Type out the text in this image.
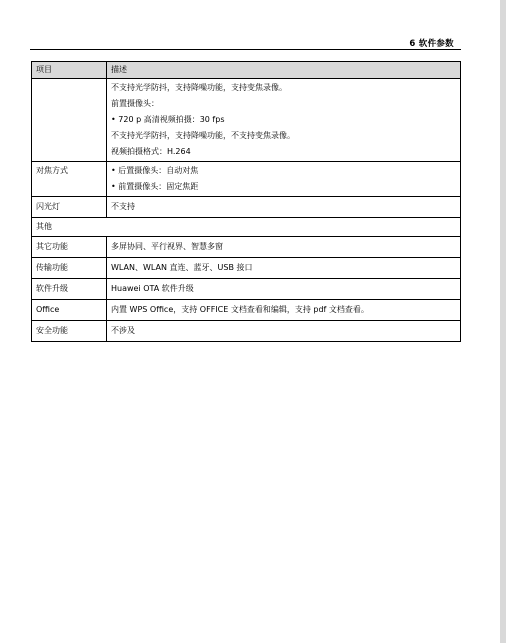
6 软件参数
项目	描述

	不支持光学防抖，支持降噪功能，支持变焦录像。
前置摄像头：
• 720 p 高清视频拍摄：30 fps
不支持光学防抖，支持降噪功能，不支持变焦录像。
视频拍摄格式：H.264

对焦方式	• 后置摄像头：自动对焦
• 前置摄像头：固定焦距

闪光灯	不支持

其他	
其它功能	多屏协同、平行视界、智慧多窗

传输功能	WLAN、WLAN 直连、蓝牙、USB 接口

软件升级	Huawei OTA 软件升级

Office	内置 WPS Office，支持 OFFICE 文档查看和编辑，支持 pdf 文档查看。

安全功能	不涉及
